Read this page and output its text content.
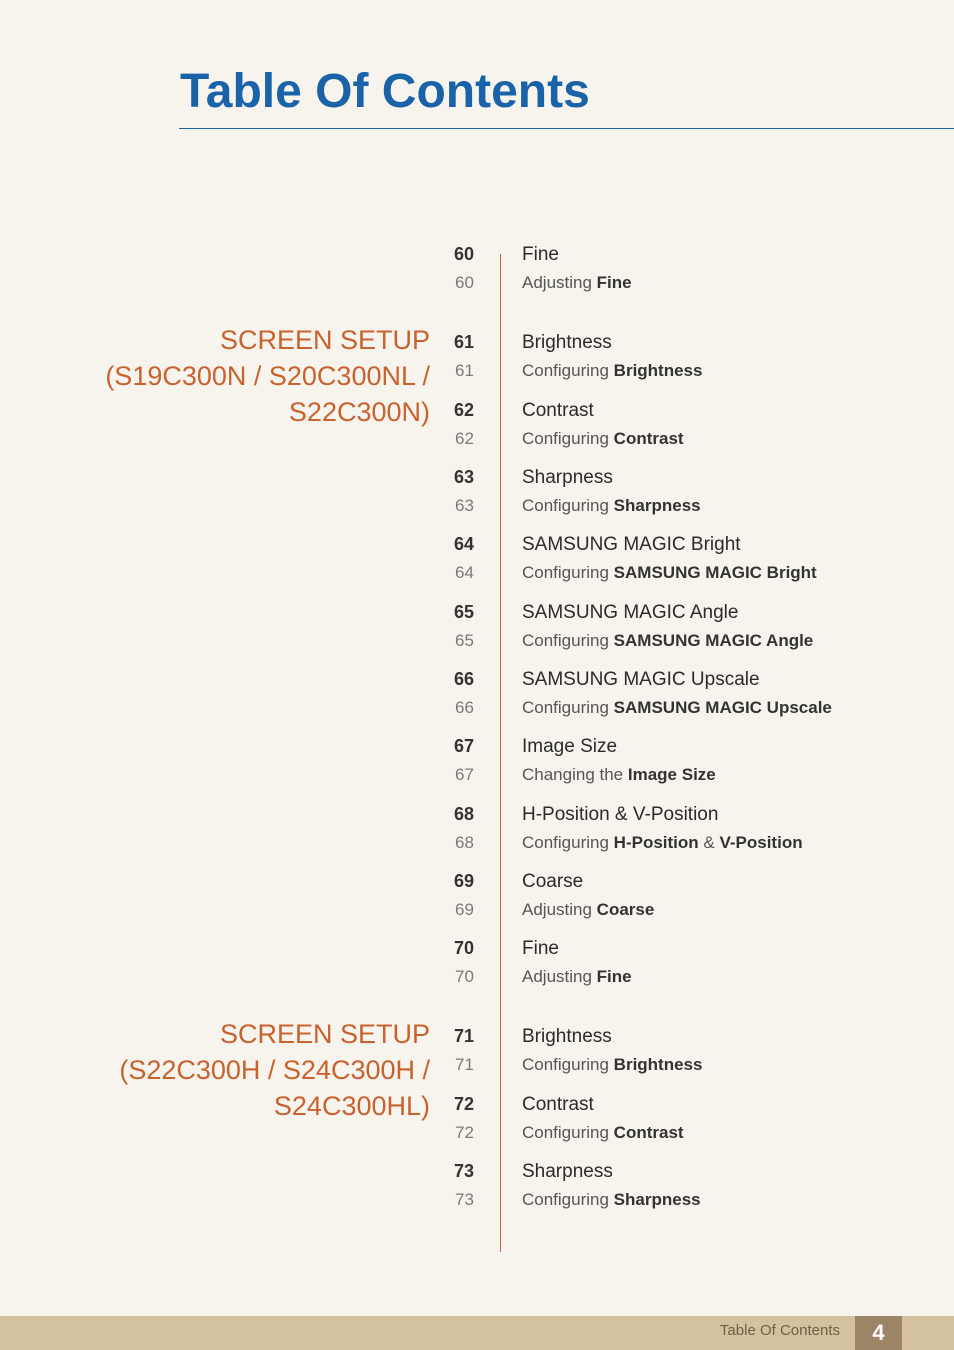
Table Of Contents
SCREEN SETUP
(S19C300N / S20C300NL /
S22C300N)
SCREEN SETUP
(S22C300H / S24C300H /
S24C300HL)
60	Fine
60	Adjusting Fine
61	Brightness
61	Configuring Brightness
62	Contrast
62	Configuring Contrast
63	Sharpness
63	Configuring Sharpness
64	SAMSUNG MAGIC Bright
64	Configuring SAMSUNG MAGIC Bright
65	SAMSUNG MAGIC Angle
65	Configuring SAMSUNG MAGIC Angle
66	SAMSUNG MAGIC Upscale
66	Configuring SAMSUNG MAGIC Upscale
67	Image Size
67	Changing the Image Size
68	H-Position & V-Position
68	Configuring H-Position & V-Position
69	Coarse
69	Adjusting Coarse
70	Fine
70	Adjusting Fine
71	Brightness
71	Configuring Brightness
72	Contrast
72	Configuring Contrast
73	Sharpness
73	Configuring Sharpness
Table Of Contents	4
